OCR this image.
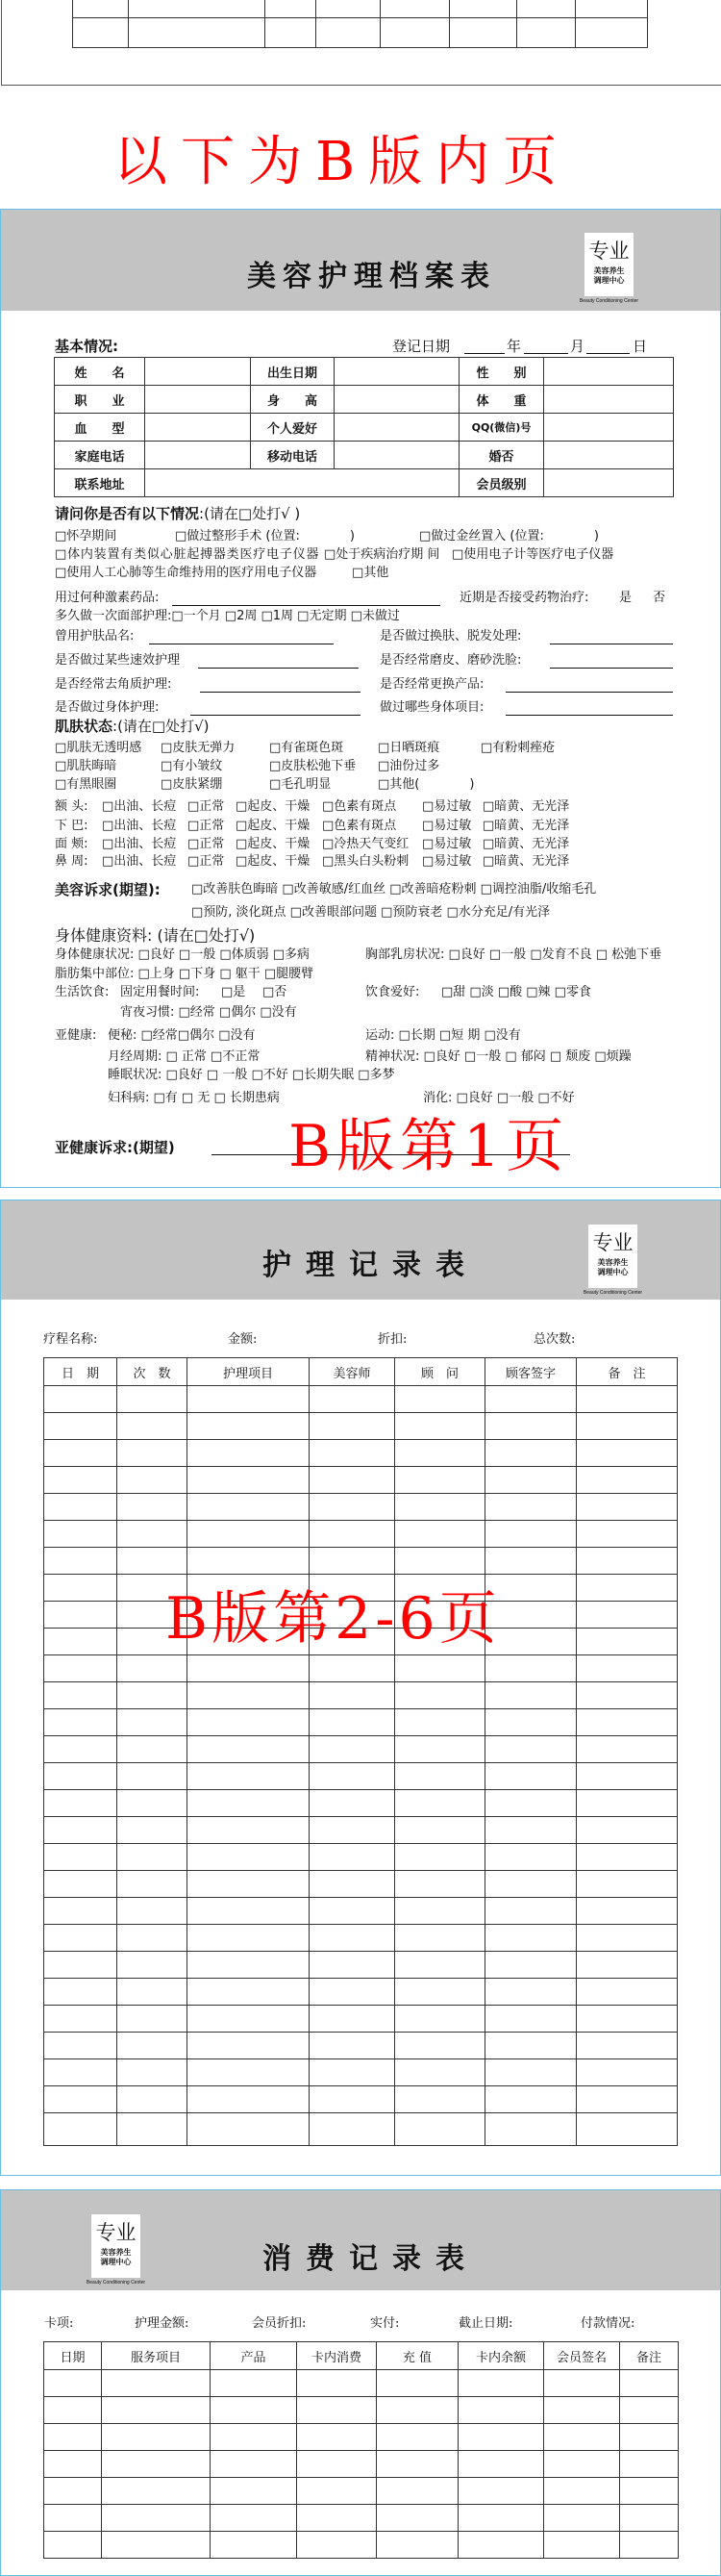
以下为B版内页
美容护理档案表
专业
美容养生
调理中心
Beauty Conditioning Center
基本情况:	登记日期	年	月	日
姓　　名		出生日期		性　　别	
职　　业		身　　高		体　　重	
血　　型		个人爱好		QQ(微信)号	
家庭电话		移动电话		婚否	
联系地址				会员级别	
请问你是否有以下情况:(请在□处打√ )
□怀孕期间	□做过整形手术 (位置:　　　　)	□做过金丝置入 (位置:　　　　)
□体内装置有类似心脏起搏器类医疗电子仪器 □处于疾病治疗期 间 □使用电子计等医疗电子仪器
□使用人工心肺等生命维持用的医疗用电子仪器	□其他
用过何种激素药品:	近期是否接受药物治疗: 是 否
多久做一次面部护理:□一个月 □2周 □1周 □无定期 □未做过
曾用护肤品名:	是否做过换肤、脱发处理:
是否做过某些速效护理	是否经常磨皮、磨砂洗脸:
是否经常去角质护理:	是否经常更换产品:
是否做过身体护理:	做过哪些身体项目:
肌肤状态:(请在□处打√)
□肌肤无透明感 □皮肤无弹力	□有雀斑色斑	□日晒斑痕	□有粉刺痤疮
□肌肤晦暗	□有小皱纹	□皮肤松弛下垂 □油份过多
□有黑眼圈	□皮肤紧绷	□毛孔明显	□其他(　　　　)
额 头: □出油、长痘 □正常 □起皮、干燥 □色素有斑点 □易过敏 □暗黄、无光泽
下 巴: □出油、长痘 □正常 □起皮、干燥 □色素有斑点 □易过敏 □暗黄、无光泽
面 颊: □出油、长痘 □正常 □起皮、干燥 □冷热天气变红 □易过敏 □暗黄、无光泽
鼻 周: □出油、长痘 □正常 □起皮、干燥 □黑头白头粉刺 □易过敏 □暗黄、无光泽
美容诉求(期望): □改善肤色晦暗 □改善敏感/红血丝 □改善暗疮粉刺 □调控油脂/收缩毛孔
□预防, 淡化斑点 □改善眼部问题 □预防衰老 □水分充足/有光泽
身体健康资料: (请在□处打√)
身体健康状况: □良好 □一般 □体质弱 □多病	胸部乳房状况: □良好 □一般 □发育不良 □ 松弛下垂
脂肪集中部位: □上身 □下身 □ 躯干 □腿腰臂
生活饮食: 固定用餐时间: □是 □否	饮食爱好: □甜 □淡 □酸 □辣 □零食
宵夜习惯: □经常 □偶尔 □没有
亚健康: 便秘: □经常□偶尔 □没有	运动: □长期 □短 期 □没有
月经周期: □ 正常 □不正常	精神状况: □良好 □一般 □ 郁闷 □ 颓废 □烦躁
睡眠状况: □良好 □ 一般 □不好 □长期失眠 □多梦
妇科病: □有 □ 无 □ 长期患病	消化: □良好 □一般 □不好
亚健康诉求:(期望) B版第1页
护理记录表
专业
美容养生
调理中心
Beauty Conditioning Center
疗程名称:	金额:	折扣:	总次数:
日　期	次　数	护理项目	美容师	顾　问	顾客签字	备　注

B版第2-6页
消费记录表
专业
美容养生
调理中心
Beauty Conditioning Center
卡项:	护理金额:	会员折扣:	实付:	截止日期:	付款情况:
日期	服务项目	产品	卡内消费	充 值	卡内余额	会员签名	备注
